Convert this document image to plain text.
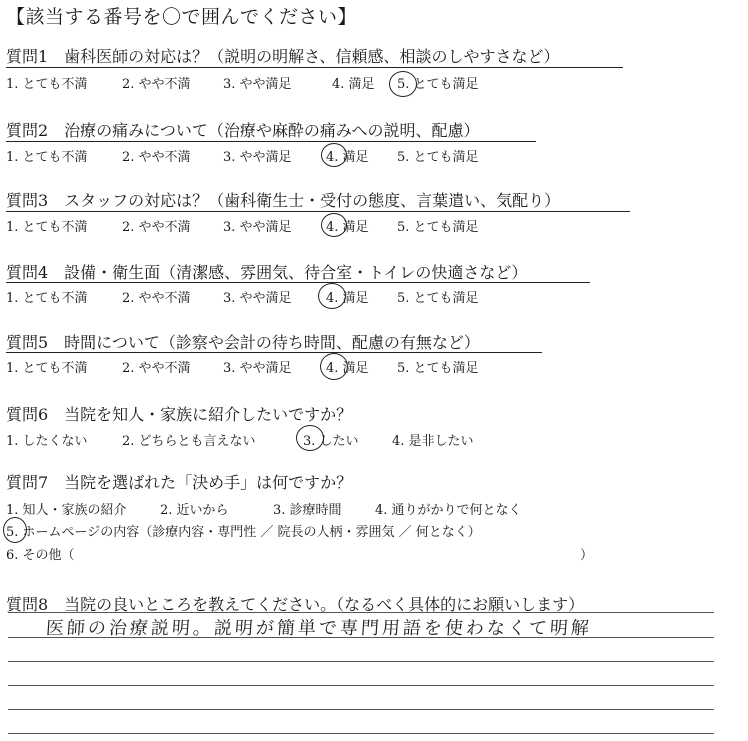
【該当する番号を〇で囲んでください】
質問1　歯科医師の対応は？（説明の明解さ、信頼感、相談のしやすさなど）
1. とても不満	2. やや不満 3. やや満足	4. 満足 5. とても満足
質問2　治療の痛みについて（治療や麻酔の痛みへの説明、配慮）
1. とても不満	2. やや不満 3. やや満足	4. 満足 5. とても満足
質問3　スタッフの対応は？（歯科衛生士・受付の態度、言葉遣い、気配り）
1. とても不満	2. やや不満 3. やや満足	4. 満足 5. とても満足
質問4　設備・衛生面（清潔感、雰囲気、待合室・トイレの快適さなど）
1. とても不満	2. やや不満 3. やや満足	4. 満足 5. とても満足
質問5　時間について（診察や会計の待ち時間、配慮の有無など）
1. とても不満	2. やや不満 3. やや満足	4. 満足 5. とても満足
質問6　当院を知人・家族に紹介したいですか？
1. したくない	2. どちらとも言えない	3. したい	4. 是非したい
質問7　当院を選ばれた「決め手」は何ですか？
1. 知人・家族の紹介	2. 近いから	3. 診療時間	4. 通りがかりで何となく
5. ホームページの内容（診療内容・専門性 ／ 院長の人柄・雰囲気 ／ 何となく）
6. その他（	）
質問8　当院の良いところを教えてください。（なるべく具体的にお願いします）
医師の治療説明。説明が簡単で専門用語を使わなくて明解
